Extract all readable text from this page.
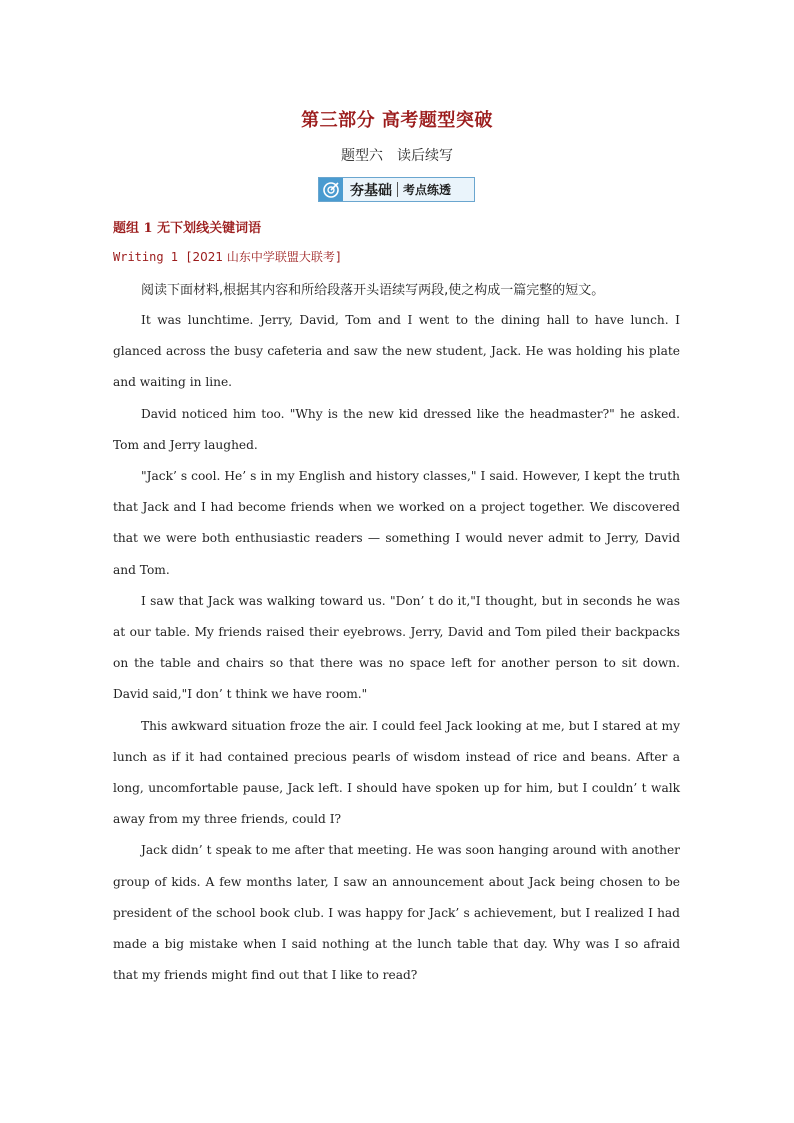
第三部分 高考题型突破
题型六　读后续写
夯基础 考点练透
题组 1 无下划线关键词语
Writing 1 [2021 山东中学联盟大联考]

阅读下面材料,根据其内容和所给段落开头语续写两段,使之构成一篇完整的短文。

It was lunchtime. Jerry, David, Tom and I went to the dining hall to have lunch. I glanced across the busy cafeteria and saw the new student, Jack. He was holding his plate and waiting in line.

David noticed him too. "Why is the new kid dressed like the headmaster?" he asked. Tom and Jerry laughed.

"Jack’ s cool. He’ s in my English and history classes," I said. However, I kept the truth that Jack and I had become friends when we worked on a project together. We discovered that we were both enthusiastic readers — something I would never admit to Jerry, David and Tom.

I saw that Jack was walking toward us. "Don’ t do it,"I thought, but in seconds he was at our table. My friends raised their eyebrows. Jerry, David and Tom piled their backpacks on the table and chairs so that there was no space left for another person to sit down. David said,"I don’ t think we have room."

This awkward situation froze the air. I could feel Jack looking at me, but I stared at my lunch as if it had contained precious pearls of wisdom instead of rice and beans. After a long, uncomfortable pause, Jack left. I should have spoken up for him, but I couldn’ t walk away from my three friends, could I?

Jack didn’ t speak to me after that meeting. He was soon hanging around with another group of kids. A few months later, I saw an announcement about Jack being chosen to be president of the school book club. I was happy for Jack’ s achievement, but I realized I had made a big mistake when I said nothing at the lunch table that day. Why was I so afraid that my friends might find out that I like to read?
